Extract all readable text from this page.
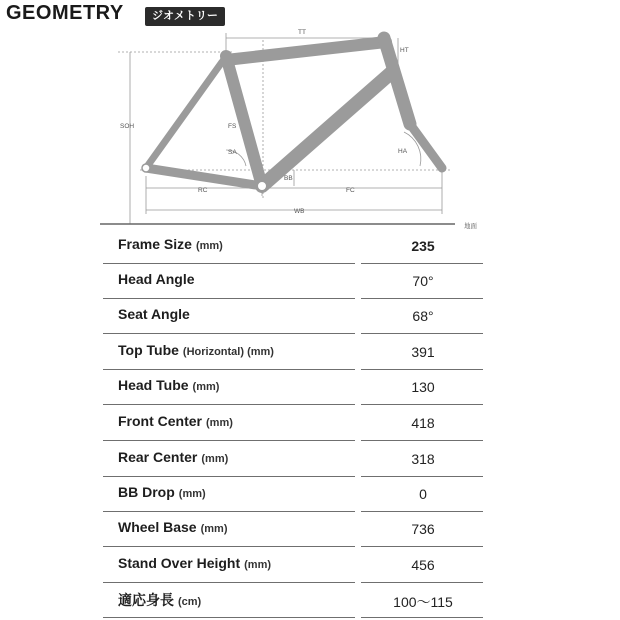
GEOMETRY	ジオメトリー
TT
HT
SOH	FS
SA	HA
BB
RC	FC
WB
地面
Frame Size (mm)	235
Head Angle	70°
Seat Angle	68°
Top Tube (Horizontal) (mm)	391
Head Tube (mm)	130
Front Center (mm)	418
Rear Center (mm)	318
BB Drop (mm)	0
Wheel Base (mm)	736
Stand Over Height (mm)	456
適応身長 (cm)	100〜115
